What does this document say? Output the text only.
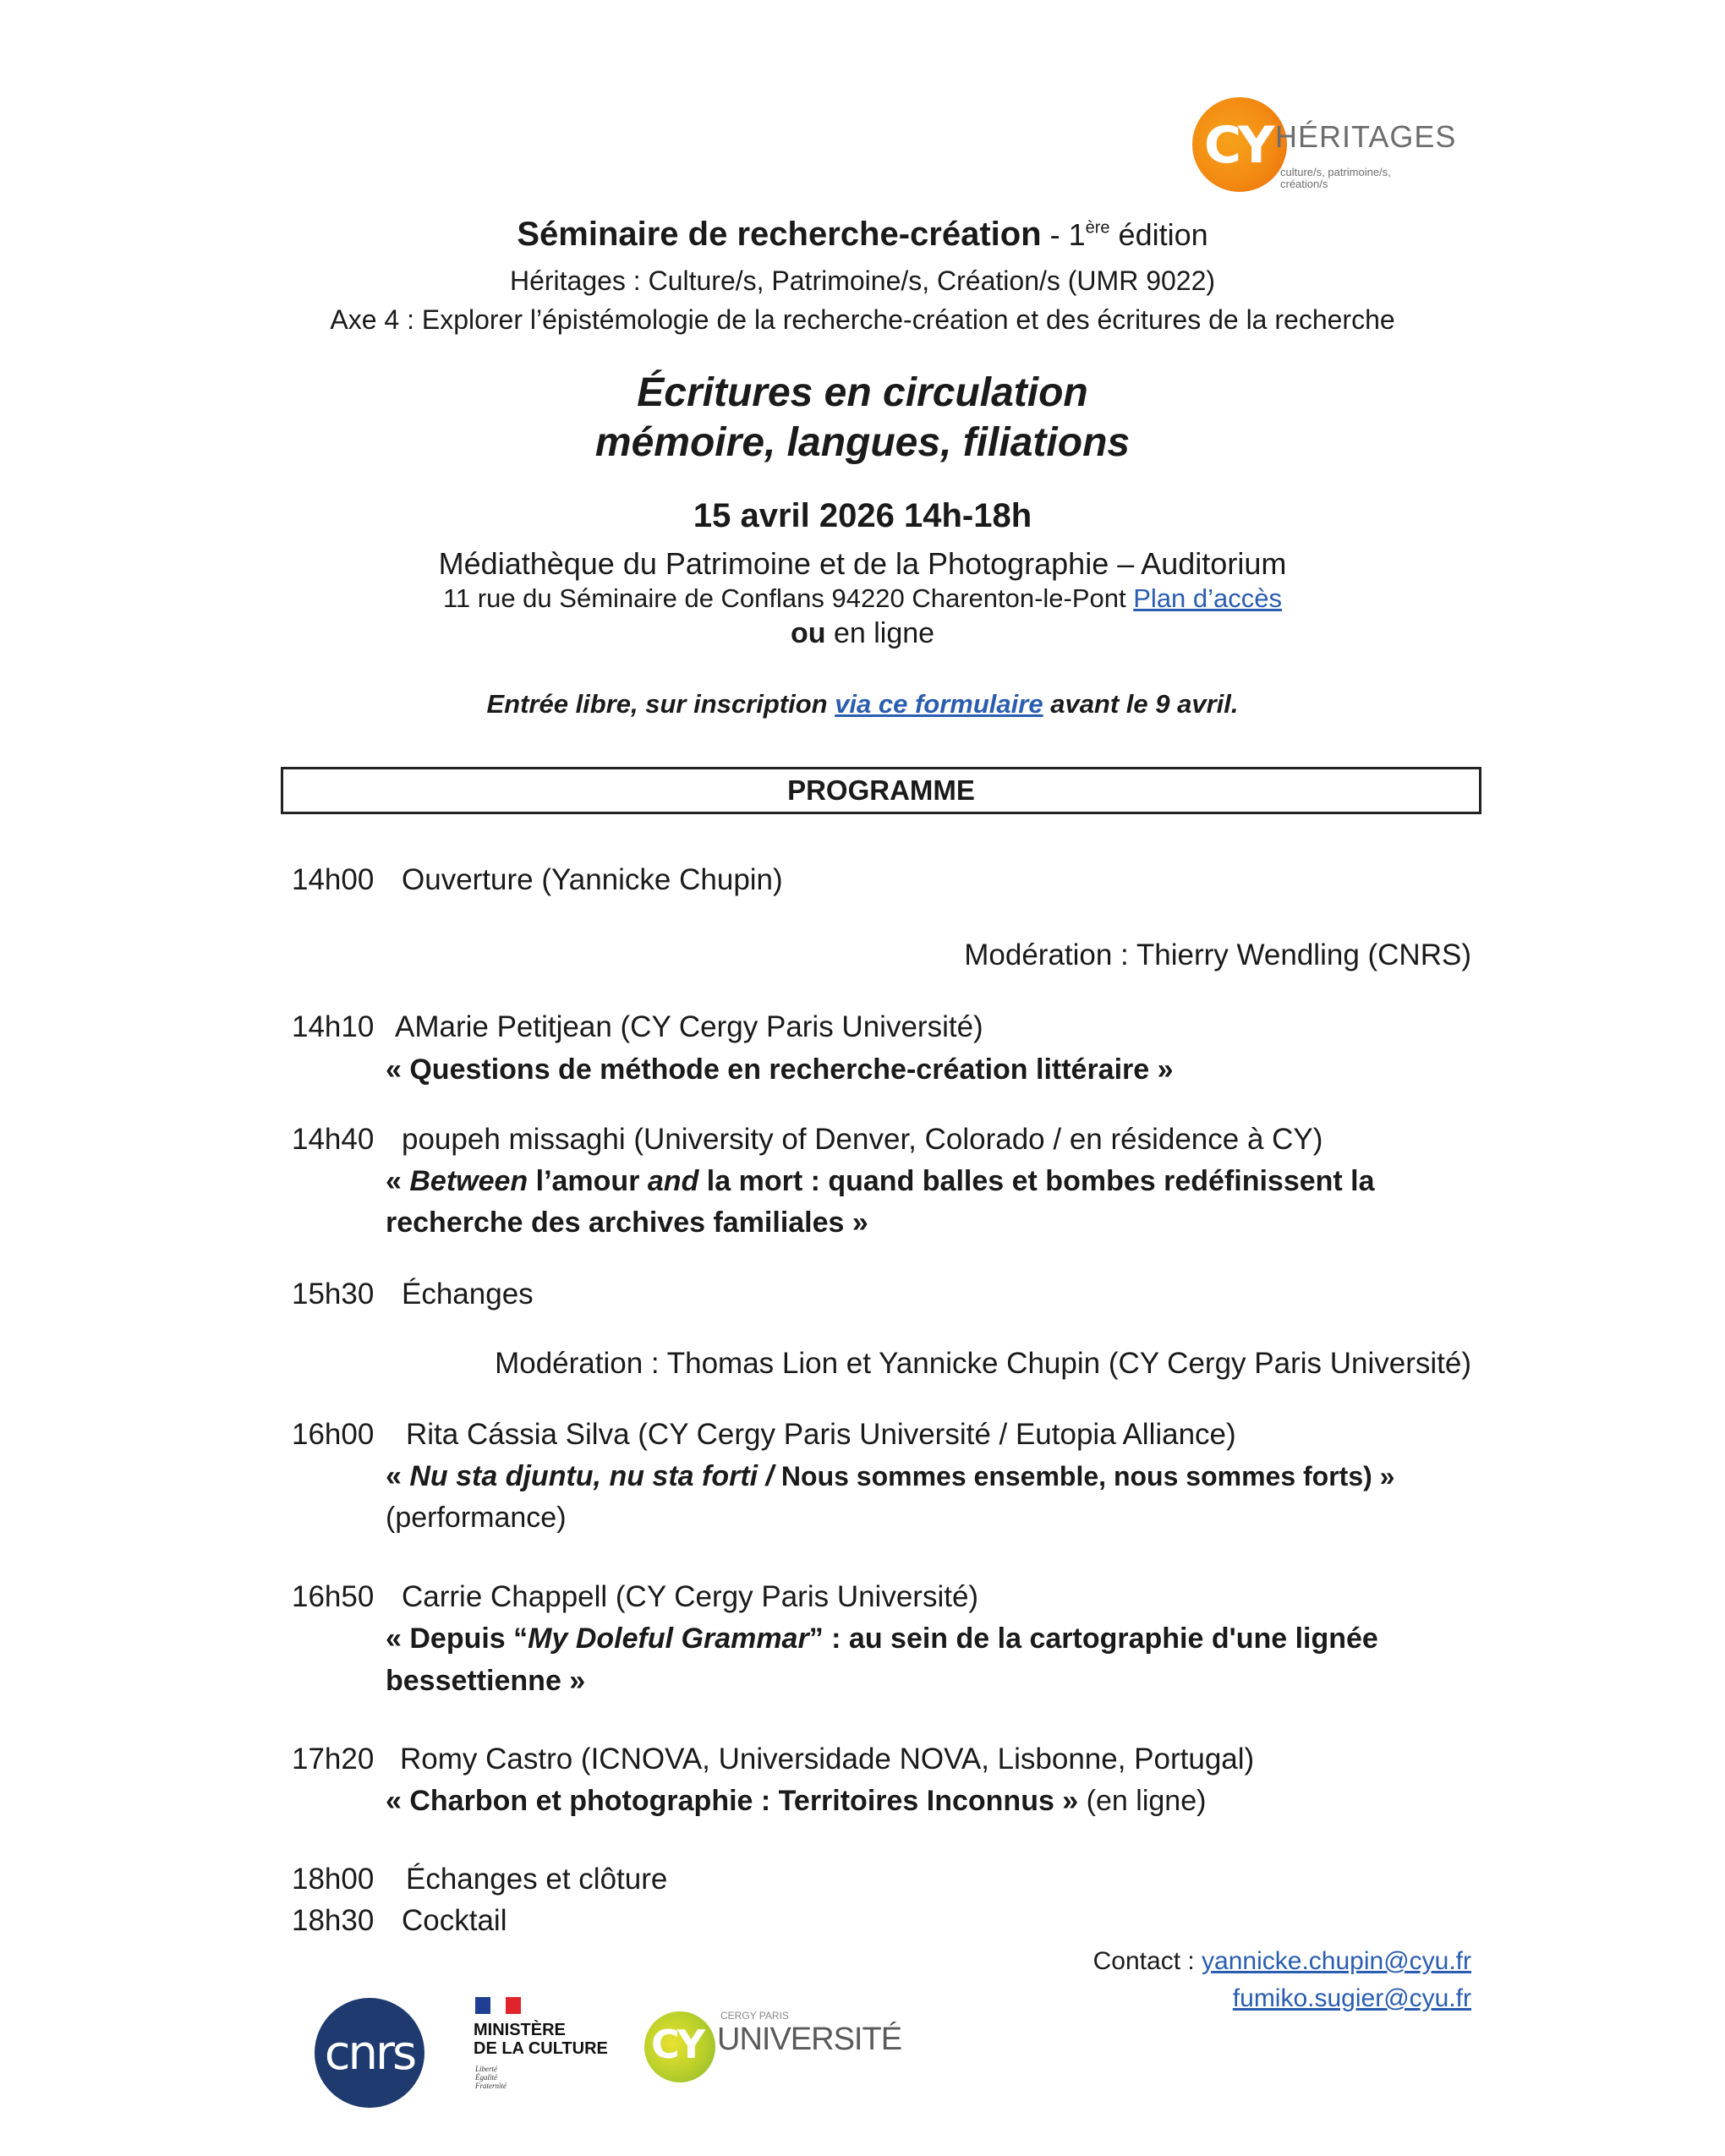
CY HÉRITAGES
culture/s, patrimoine/s,
création/s
Séminaire de recherche-création - 1ère édition
Héritages : Culture/s, Patrimoine/s, Création/s (UMR 9022)
Axe 4 : Explorer l’épistémologie de la recherche-création et des écritures de la recherche
Écritures en circulation
mémoire, langues, filiations
15 avril 2026 14h-18h
Médiathèque du Patrimoine et de la Photographie – Auditorium
11 rue du Séminaire de Conflans 94220 Charenton-le-Pont Plan d’accès
ou en ligne
Entrée libre, sur inscription via ce formulaire avant le 9 avril.
PROGRAMME
14h00 Ouverture (Yannicke Chupin)
Modération : Thierry Wendling (CNRS)
14h10 AMarie Petitjean (CY Cergy Paris Université)
« Questions de méthode en recherche-création littéraire »
14h40 poupeh missaghi (University of Denver, Colorado / en résidence à CY)
« Between l’amour and la mort : quand balles et bombes redéfinissent la
recherche des archives familiales »
15h30 Échanges
Modération : Thomas Lion et Yannicke Chupin (CY Cergy Paris Université)
16h00 Rita Cássia Silva (CY Cergy Paris Université / Eutopia Alliance)
« Nu sta djuntu, nu sta forti / Nous sommes ensemble, nous sommes forts) »
(performance)
16h50 Carrie Chappell (CY Cergy Paris Université)
« Depuis “My Doleful Grammar” : au sein de la cartographie d'une lignée
bessettienne »
17h20 Romy Castro (ICNOVA, Universidade NOVA, Lisbonne, Portugal)
« Charbon et photographie : Territoires Inconnus » (en ligne)
18h00 Échanges et clôture
18h30 Cocktail
Contact : yannicke.chupin@cyu.fr
fumiko.sugier@cyu.fr
cnrs	MINISTÈRE
DE LA CULTURE
Liberté
Égalité
Fraternité
CY
CERGY PARIS
UNIVERSITÉ
